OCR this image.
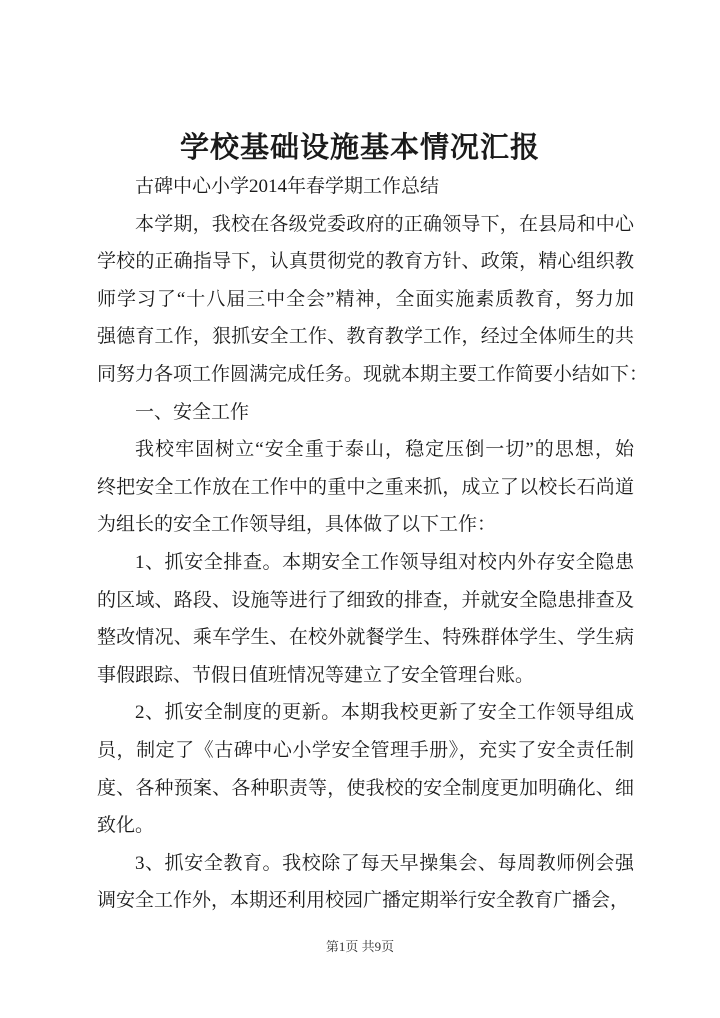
学校基础设施基本情况汇报
古碑中心小学2014年春学期工作总结
本学期，我校在各级党委政府的正确领导下，在县局和中心
学校的正确指导下，认真贯彻党的教育方针、政策，精心组织教
师学习了“十八届三中全会”精神，全面实施素质教育，努力加
强德育工作，狠抓安全工作、教育教学工作，经过全体师生的共
同努力各项工作圆满完成任务。现就本期主要工作简要小结如下：
一、安全工作
我校牢固树立“安全重于泰山，稳定压倒一切”的思想，始
终把安全工作放在工作中的重中之重来抓，成立了以校长石尚道
为组长的安全工作领导组，具体做了以下工作：
1、抓安全排查。本期安全工作领导组对校内外存安全隐患
的区域、路段、设施等进行了细致的排查，并就安全隐患排查及
整改情况、乘车学生、在校外就餐学生、特殊群体学生、学生病
事假跟踪、节假日值班情况等建立了安全管理台账。
2、抓安全制度的更新。本期我校更新了安全工作领导组成
员，制定了《古碑中心小学安全管理手册》，充实了安全责任制
度、各种预案、各种职责等，使我校的安全制度更加明确化、细
致化。
3、抓安全教育。我校除了每天早操集会、每周教师例会强
调安全工作外，本期还利用校园广播定期举行安全教育广播会，
第1页 共9页
